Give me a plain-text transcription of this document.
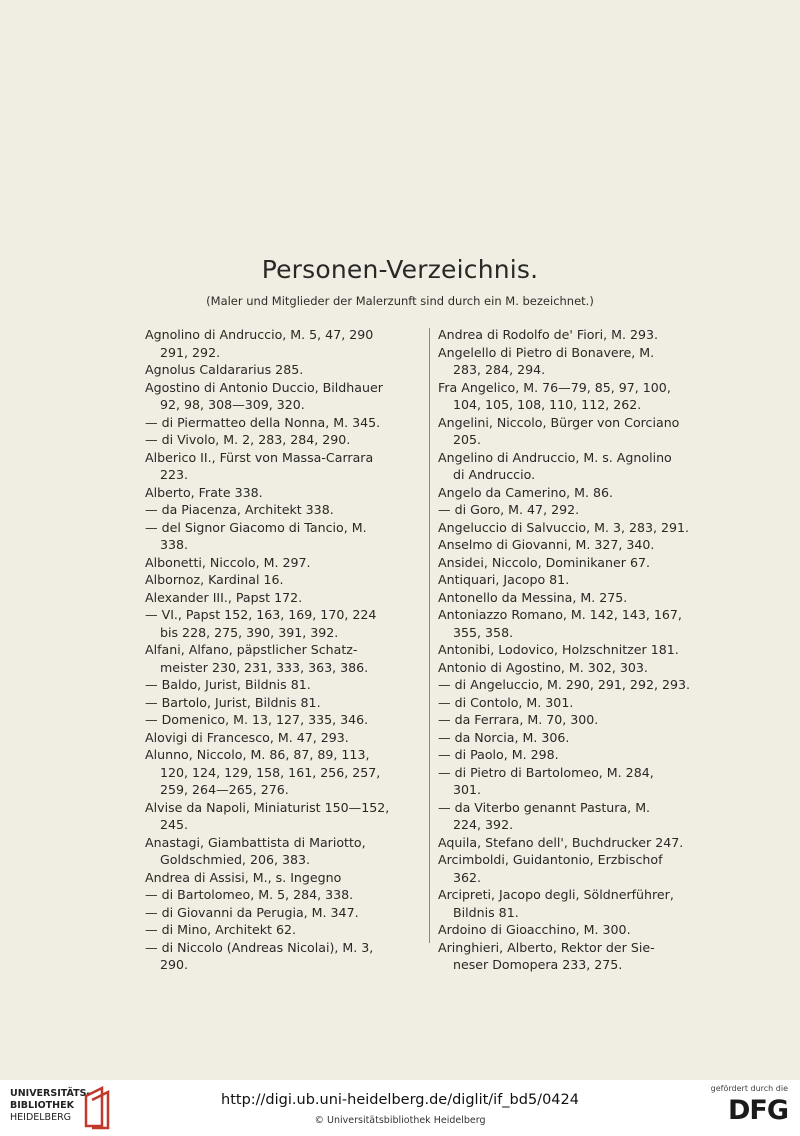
Personen-Verzeichnis.
(Maler und Mitglieder der Malerzunft sind durch ein M. bezeichnet.)
Agnolino di Andruccio, M. 5, 47, 290
291, 292.
Agnolus Caldararius 285.
Agostino di Antonio Duccio, Bildhauer
92, 98, 308—309, 320.
— di Piermatteo della Nonna, M. 345.
— di Vivolo, M. 2, 283, 284, 290.
Alberico II., Fürst von Massa-Carrara
223.
Alberto, Frate 338.
— da Piacenza, Architekt 338.
— del Signor Giacomo di Tancio, M.
338.
Albonetti, Niccolo, M. 297.
Albornoz, Kardinal 16.
Alexander III., Papst 172.
— VI., Papst 152, 163, 169, 170, 224
bis 228, 275, 390, 391, 392.
Alfani, Alfano, päpstlicher Schatz-
meister 230, 231, 333, 363, 386.
— Baldo, Jurist, Bildnis 81.
— Bartolo, Jurist, Bildnis 81.
— Domenico, M. 13, 127, 335, 346.
Alovigi di Francesco, M. 47, 293.
Alunno, Niccolo, M. 86, 87, 89, 113,
120, 124, 129, 158, 161, 256, 257,
259, 264—265, 276.
Alvise da Napoli, Miniaturist 150—152,
245.
Anastagi, Giambattista di Mariotto,
Goldschmied, 206, 383.
Andrea di Assisi, M., s. Ingegno
— di Bartolomeo, M. 5, 284, 338.
— di Giovanni da Perugia, M. 347.
— di Mino, Architekt 62.
— di Niccolo (Andreas Nicolai), M. 3,
290.
Andrea di Rodolfo de' Fiori, M. 293.
Angelello di Pietro di Bonavere, M.
283, 284, 294.
Fra Angelico, M. 76—79, 85, 97, 100,
104, 105, 108, 110, 112, 262.
Angelini, Niccolo, Bürger von Corciano
205.
Angelino di Andruccio, M. s. Agnolino
di Andruccio.
Angelo da Camerino, M. 86.
— di Goro, M. 47, 292.
Angeluccio di Salvuccio, M. 3, 283, 291.
Anselmo di Giovanni, M. 327, 340.
Ansidei, Niccolo, Dominikaner 67.
Antiquari, Jacopo 81.
Antonello da Messina, M. 275.
Antoniazzo Romano, M. 142, 143, 167,
355, 358.
Antonibi, Lodovico, Holzschnitzer 181.
Antonio di Agostino, M. 302, 303.
— di Angeluccio, M. 290, 291, 292, 293.
— di Contolo, M. 301.
— da Ferrara, M. 70, 300.
— da Norcia, M. 306.
— di Paolo, M. 298.
— di Pietro di Bartolomeo, M. 284,
301.
— da Viterbo genannt Pastura, M.
224, 392.
Aquila, Stefano dell', Buchdrucker 247.
Arcimboldi, Guidantonio, Erzbischof
362.
Arcipreti, Jacopo degli, Söldnerführer,
Bildnis 81.
Ardoino di Gioacchino, M. 300.
Aringhieri, Alberto, Rektor der Sie-
neser Domopera 233, 275.
UNIVERSITÄTS-
BIBLIOTHEK
HEIDELBERG
http://digi.ub.uni-heidelberg.de/diglit/if_bd5/0424
© Universitätsbibliothek Heidelberg
gefördert durch die
DFG
